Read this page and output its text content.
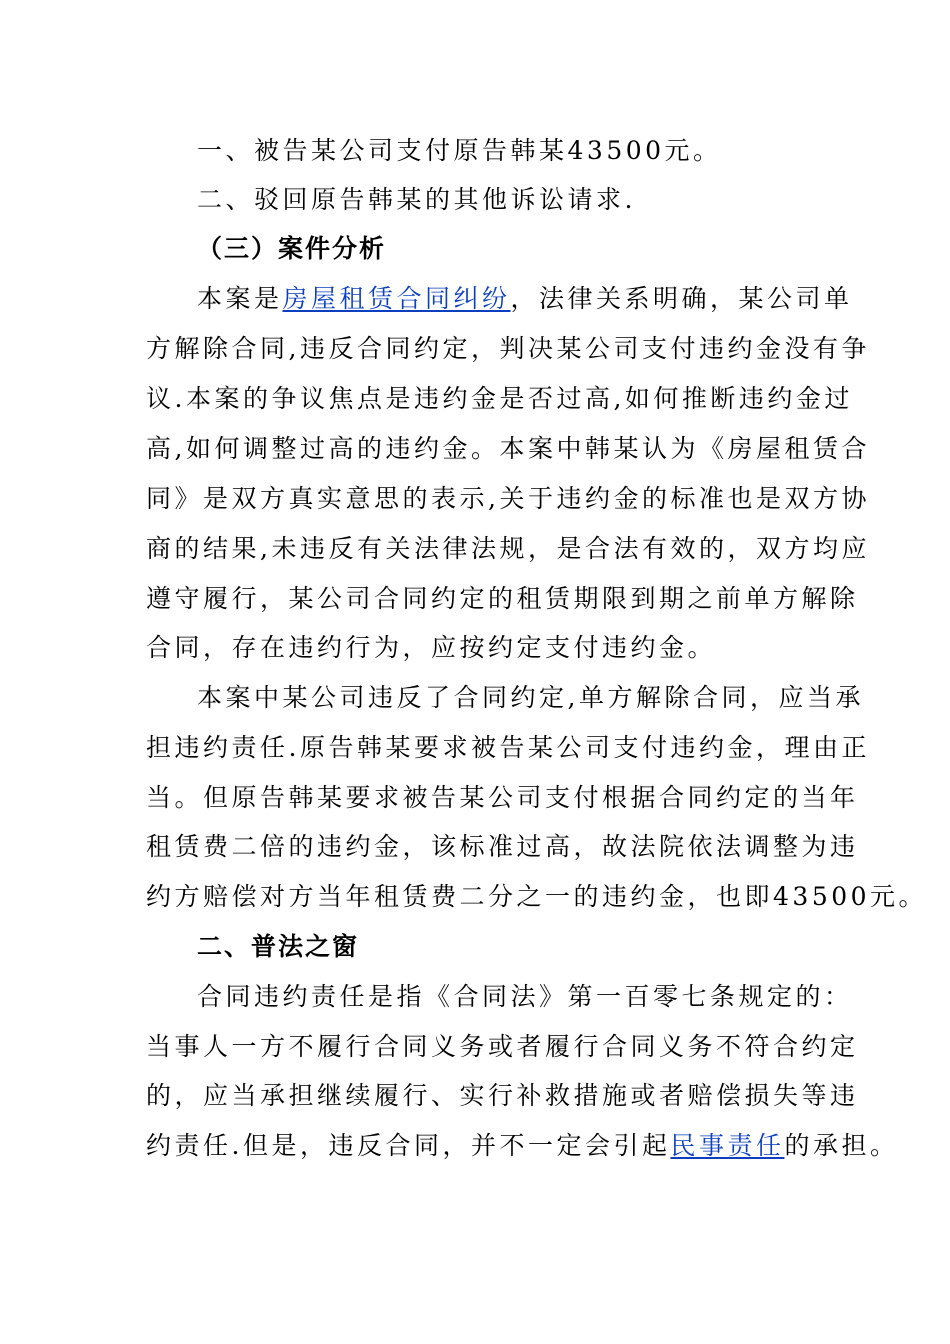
一、被告某公司支付原告韩某43500元。
二、驳回原告韩某的其他诉讼请求.
（三）案件分析
本案是房屋租赁合同纠纷，法律关系明确，某公司单
方解除合同,违反合同约定，判决某公司支付违约金没有争
议.本案的争议焦点是违约金是否过高,如何推断违约金过
高,如何调整过高的违约金。本案中韩某认为《房屋租赁合
同》是双方真实意思的表示,关于违约金的标准也是双方协
商的结果,未违反有关法律法规，是合法有效的，双方均应
遵守履行，某公司合同约定的租赁期限到期之前单方解除
合同，存在违约行为，应按约定支付违约金。
本案中某公司违反了合同约定,单方解除合同，应当承
担违约责任.原告韩某要求被告某公司支付违约金，理由正
当。但原告韩某要求被告某公司支付根据合同约定的当年
租赁费二倍的违约金，该标准过高，故法院依法调整为违
约方赔偿对方当年租赁费二分之一的违约金，也即43500元。
二、普法之窗
合同违约责任是指《合同法》第一百零七条规定的：
当事人一方不履行合同义务或者履行合同义务不符合约定
的，应当承担继续履行、实行补救措施或者赔偿损失等违
约责任.但是，违反合同，并不一定会引起民事责任的承担。
